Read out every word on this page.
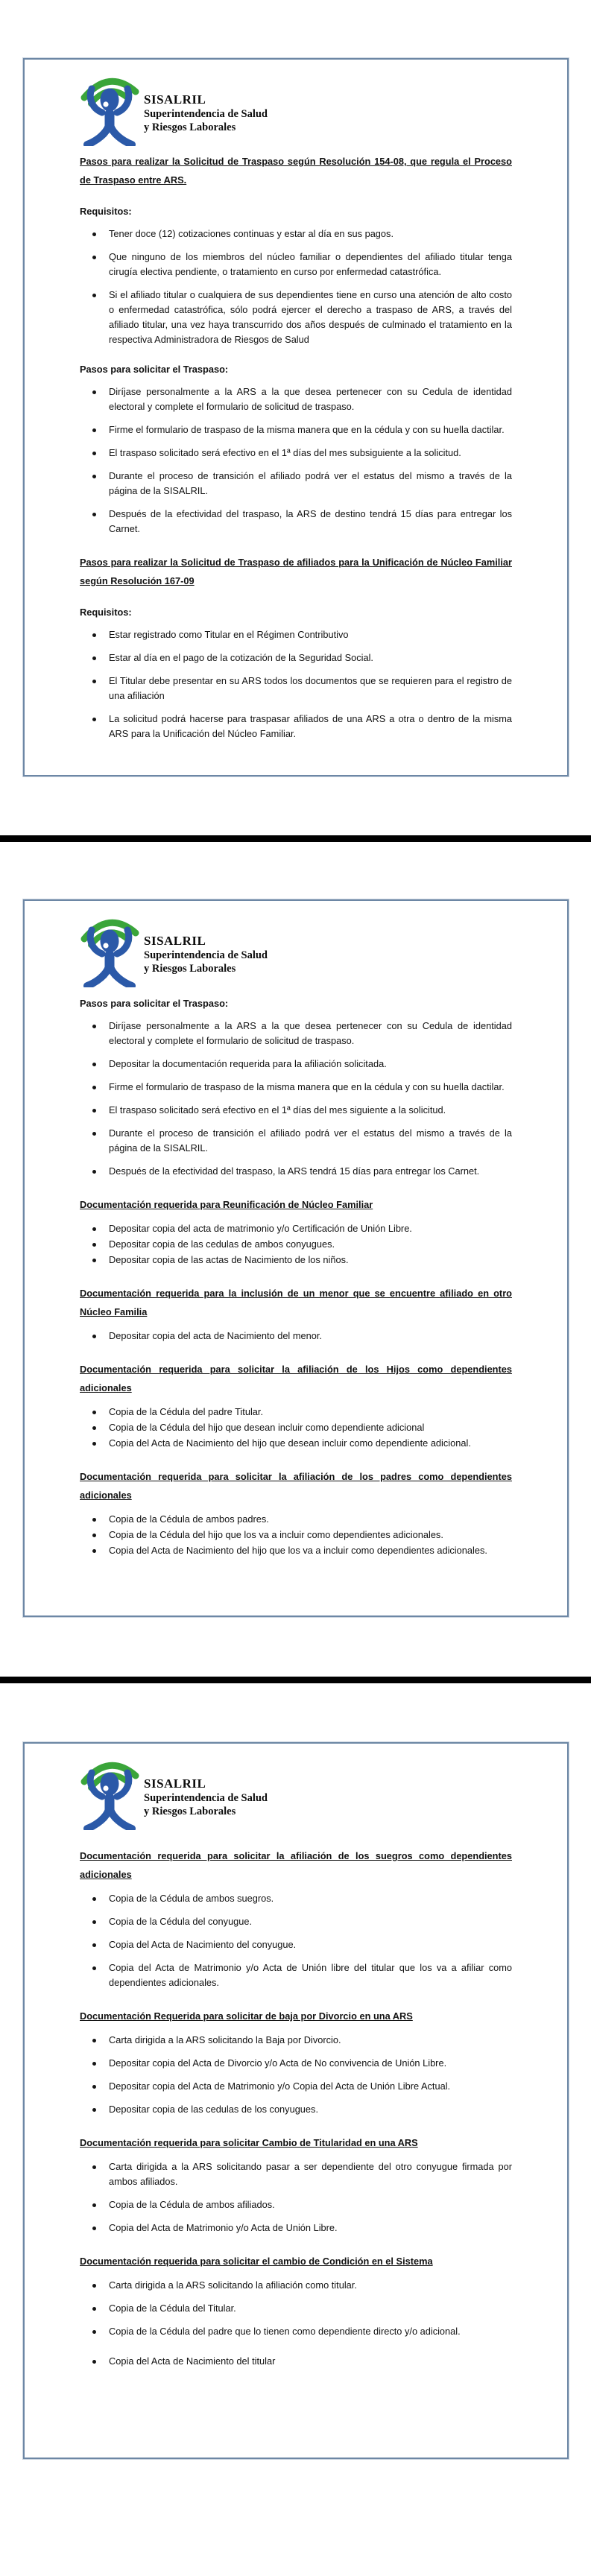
SISALRIL
Superintendencia de Salud
y Riesgos Laborales
Pasos para realizar la Solicitud de Traspaso según Resolución 154-08, que regula el Proceso de Traspaso entre ARS.
Requisitos:
Tener doce (12) cotizaciones continuas y estar al día en sus pagos.
Que ninguno de los miembros del núcleo familiar o dependientes del afiliado titular tenga cirugía electiva pendiente, o tratamiento en curso por enfermedad catastrófica.
Si el afiliado titular o cualquiera de sus dependientes tiene en curso una atención de alto costo o enfermedad catastrófica, sólo podrá ejercer el derecho a traspaso de ARS, a través del afiliado titular, una vez haya transcurrido dos años después de culminado el tratamiento en la respectiva Administradora de Riesgos de Salud
Pasos para solicitar el Traspaso:
Diríjase personalmente a la ARS a la que desea pertenecer con su Cedula de identidad electoral y complete el formulario de solicitud de traspaso.
Firme el formulario de traspaso de la misma manera que en la cédula y con su huella dactilar.
El traspaso solicitado será efectivo en el 1ª días del mes subsiguiente a la solicitud.
Durante el proceso de transición el afiliado podrá ver el estatus del mismo a través de la página de la SISALRIL.
Después de la efectividad del traspaso, la ARS de destino tendrá 15 días para entregar los Carnet.
Pasos para realizar la Solicitud de Traspaso de afiliados para la Unificación de Núcleo Familiar según Resolución 167-09
Requisitos:
Estar registrado como Titular en el Régimen Contributivo
Estar al día en el pago de la cotización de la Seguridad Social.
El Titular debe presentar en su ARS todos los documentos que se requieren para el registro de una afiliación
La solicitud podrá hacerse para traspasar afiliados de una ARS a otra o dentro de la misma ARS para la Unificación del Núcleo Familiar.
SISALRIL
Superintendencia de Salud
y Riesgos Laborales
Pasos para solicitar el Traspaso:
Diríjase personalmente a la ARS a la que desea pertenecer con su Cedula de identidad electoral y complete el formulario de solicitud de traspaso.
Depositar la documentación requerida para la afiliación solicitada.
Firme el formulario de traspaso de la misma manera que en la cédula y con su huella dactilar.
El traspaso solicitado será efectivo en el 1ª días del mes siguiente a la solicitud.
Durante el proceso de transición el afiliado podrá ver el estatus del mismo a través de la página de la SISALRIL.
Después de la efectividad del traspaso, la ARS tendrá 15 días para entregar los Carnet.
Documentación requerida para Reunificación de Núcleo Familiar
Depositar copia del acta de matrimonio y/o Certificación de Unión Libre.
Depositar copia de las cedulas de ambos conyugues.
Depositar copia de las actas de Nacimiento de los niños.
Documentación requerida para la inclusión de un menor que se encuentre afiliado en otro Núcleo Familia
Depositar copia del acta de Nacimiento del menor.
Documentación requerida para solicitar la afiliación de los Hijos como dependientes adicionales
Copia de la Cédula del padre Titular.
Copia de la Cédula del hijo que desean incluir como dependiente adicional
Copia del Acta de Nacimiento del hijo que desean incluir como dependiente adicional.
Documentación requerida para solicitar la afiliación de los padres como dependientes adicionales
Copia de la Cédula de ambos padres.
Copia de la Cédula del hijo que los va a incluir como dependientes adicionales.
Copia del Acta de Nacimiento del hijo que los va a incluir como dependientes adicionales.
SISALRIL
Superintendencia de Salud
y Riesgos Laborales
Documentación requerida para solicitar la afiliación de los suegros como dependientes adicionales
Copia de la Cédula de ambos suegros.
Copia de la Cédula del conyugue.
Copia del Acta de Nacimiento del conyugue.
Copia del Acta de Matrimonio y/o Acta de Unión libre del titular que los va a afiliar como dependientes adicionales.
Documentación Requerida para solicitar de baja por Divorcio en una ARS
Carta dirigida a la ARS solicitando la Baja por Divorcio.
Depositar copia del Acta de Divorcio y/o Acta de No convivencia de Unión Libre.
Depositar copia del Acta de Matrimonio y/o Copia del Acta de Unión Libre Actual.
Depositar copia de las cedulas de los conyugues.
Documentación requerida para solicitar Cambio de Titularidad en una ARS
Carta dirigida a la ARS solicitando pasar a ser dependiente del otro conyugue firmada por ambos afiliados.
Copia de la Cédula de ambos afiliados.
Copia del Acta de Matrimonio y/o Acta de Unión Libre.
Documentación requerida para solicitar el cambio de Condición en el Sistema
Carta dirigida a la ARS solicitando la afiliación como titular.
Copia de la Cédula del Titular.
Copia de la Cédula del padre que lo tienen como dependiente directo y/o adicional.
Copia del Acta de Nacimiento del titular
